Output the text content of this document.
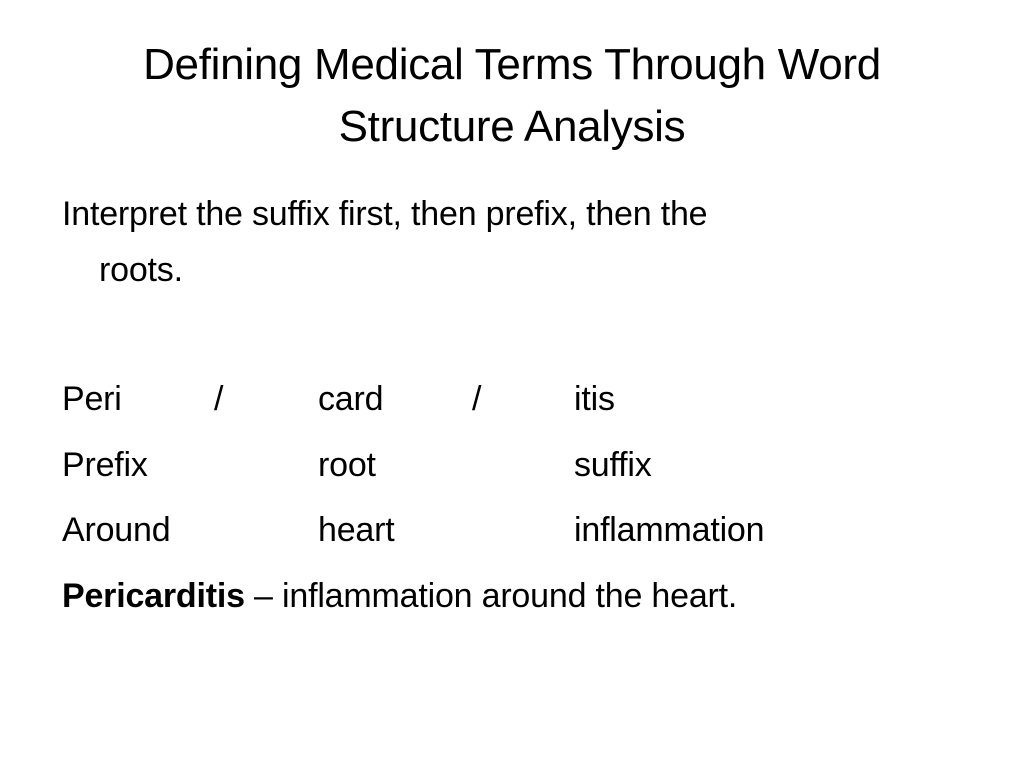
Defining Medical Terms Through Word
Structure Analysis
Interpret the suffix first, then prefix, then the
roots.
Peri	/	card	/	itis
Prefix	root	suffix
Around	heart	inflammation
Pericarditis – inflammation around the heart.
